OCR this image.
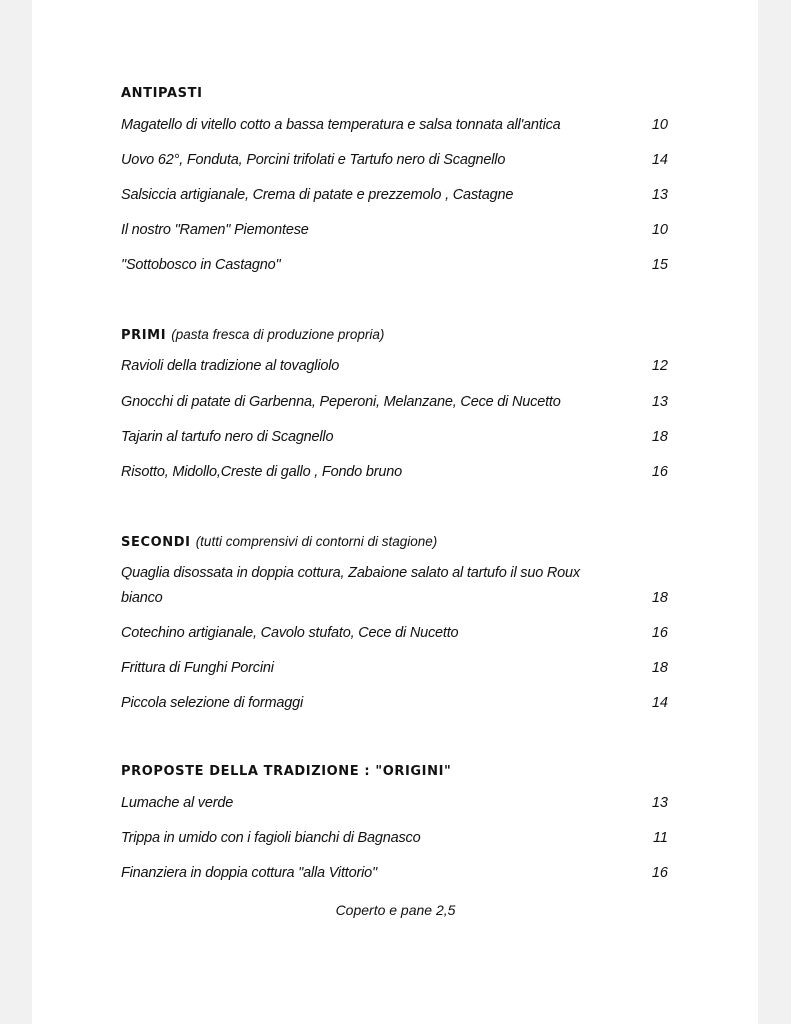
ANTIPASTI
Magatello di vitello cotto a bassa temperatura e salsa tonnata all'antica	10
Uovo 62°, Fonduta, Porcini trifolati e Tartufo nero di Scagnello	14
Salsiccia artigianale, Crema di patate e prezzemolo , Castagne	13
Il nostro "Ramen" Piemontese	10
"Sottobosco in Castagno"	15
PRIMI (pasta fresca di produzione propria)
Ravioli della tradizione al tovagliolo	12
Gnocchi di patate di Garbenna, Peperoni, Melanzane, Cece di Nucetto	13
Tajarin al tartufo nero di Scagnello	18
Risotto, Midollo,Creste di gallo , Fondo bruno	16
SECONDI (tutti comprensivi di contorni di stagione)
Quaglia disossata in doppia cottura, Zabaione salato al tartufo il suo Roux
bianco	18
Cotechino artigianale, Cavolo stufato, Cece di Nucetto	16
Frittura di Funghi Porcini	18
Piccola selezione di formaggi	14
PROPOSTE DELLA TRADIZIONE : "ORIGINI"
Lumache al verde	13
Trippa in umido con i fagioli bianchi di Bagnasco	11
Finanziera in doppia cottura "alla Vittorio"	16
Coperto e pane 2,5
